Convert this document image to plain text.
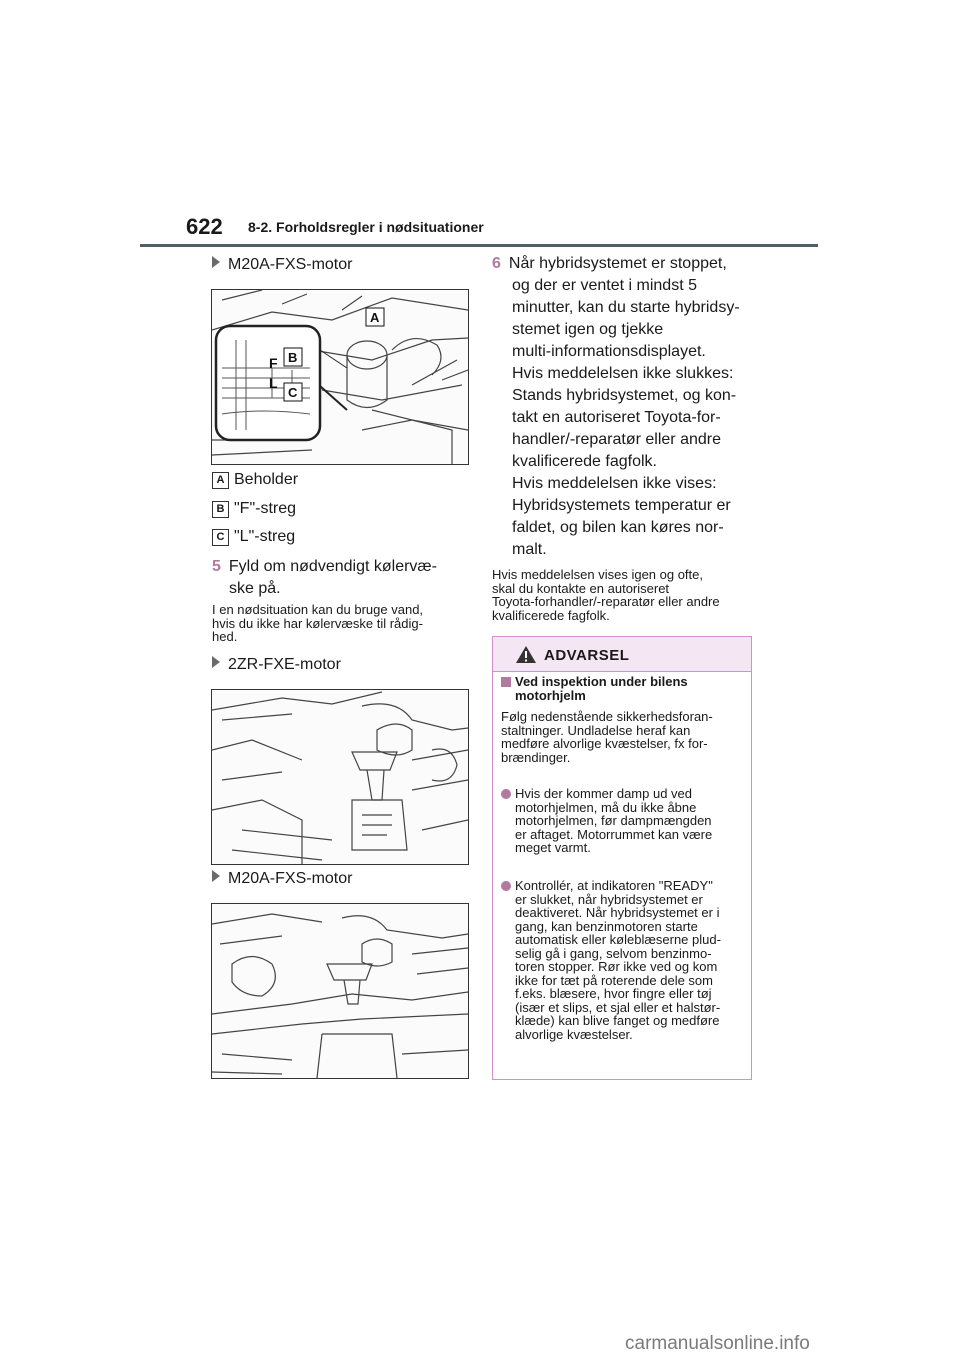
622 8-2. Forholdsregler i nødsituationer
M20A-FXS-motor
F
L
B
C
A
A Beholder
B "F"-streg
C "L"-streg
5 Fyld om nødvendigt kølervæ-
ske på.
I en nødsituation kan du bruge vand,
hvis du ikke har kølervæske til rådig-
hed.
2ZR-FXE-motor
M20A-FXS-motor
6 Når hybridsystemet er stoppet,
og der er ventet i mindst 5
minutter, kan du starte hybridsy-
stemet igen og tjekke
multi-informationsdisplayet.
Hvis meddelelsen ikke slukkes:
Stands hybridsystemet, og kon-
takt en autoriseret Toyota-for-
handler/-reparatør eller andre
kvalificerede fagfolk.
Hvis meddelelsen ikke vises:
Hybridsystemets temperatur er
faldet, og bilen kan køres nor-
malt.
Hvis meddelelsen vises igen og ofte,
skal du kontakte en autoriseret
Toyota-forhandler/-reparatør eller andre
kvalificerede fagfolk.
ADVARSEL
Ved inspektion under bilens
motorhjelm
Følg nedenstående sikkerhedsforan-
staltninger. Undladelse heraf kan
medføre alvorlige kvæstelser, fx for-
brændinger.
Hvis der kommer damp ud ved
motorhjelmen, må du ikke åbne
motorhjelmen, før dampmængden
er aftaget. Motorrummet kan være
meget varmt.
Kontrollér, at indikatoren "READY"
er slukket, når hybridsystemet er
deaktiveret. Når hybridsystemet er i
gang, kan benzinmotoren starte
automatisk eller køleblæserne plud-
selig gå i gang, selvom benzinmo-
toren stopper. Rør ikke ved og kom
ikke for tæt på roterende dele som
f.eks. blæsere, hvor fingre eller tøj
(især et slips, et sjal eller et halstør-
klæde) kan blive fanget og medføre
alvorlige kvæstelser.
carmanualsonline.info
